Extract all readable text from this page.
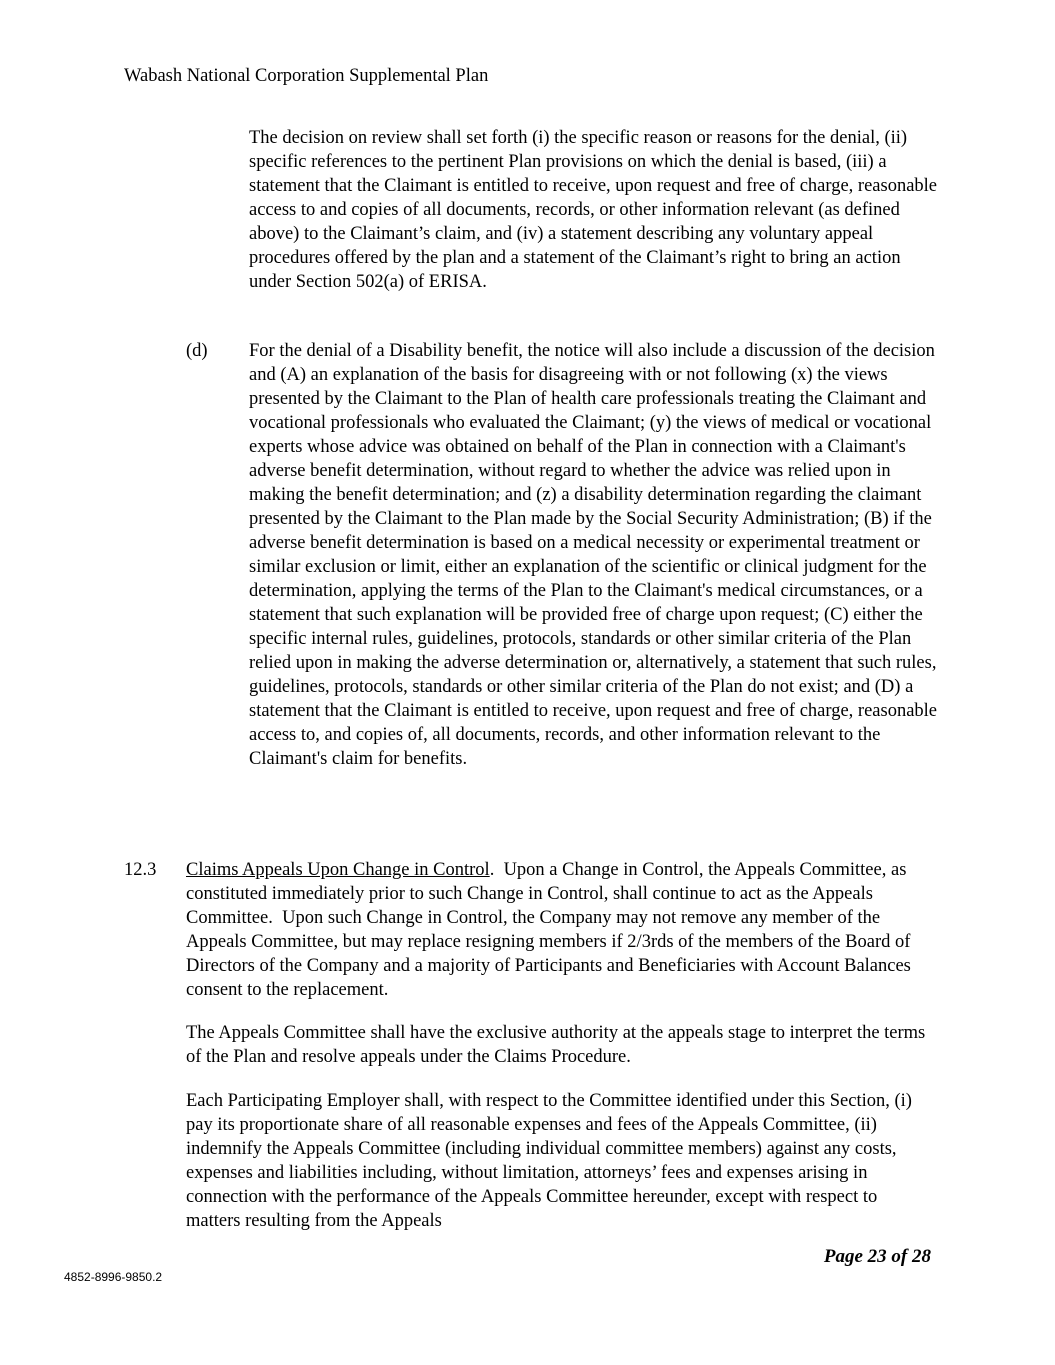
Wabash National Corporation Supplemental Plan

The decision on review shall set forth (i) the specific reason or reasons for the denial, (ii) specific references to the pertinent Plan provisions on which the denial is based, (iii) a statement that the Claimant is entitled to receive, upon request and free of charge, reasonable access to and copies of all documents, records, or other information relevant (as defined above) to the Claimant’s claim, and (iv) a statement describing any voluntary appeal procedures offered by the plan and a statement of the Claimant’s right to bring an action under Section 502(a) of ERISA.

(d) For the denial of a Disability benefit, the notice will also include a discussion of the decision and (A) an explanation of the basis for disagreeing with or not following (x) the views presented by the Claimant to the Plan of health care professionals treating the Claimant and vocational professionals who evaluated the Claimant; (y) the views of medical or vocational experts whose advice was obtained on behalf of the Plan in connection with a Claimant's adverse benefit determination, without regard to whether the advice was relied upon in making the benefit determination; and (z) a disability determination regarding the claimant presented by the Claimant to the Plan made by the Social Security Administration; (B) if the adverse benefit determination is based on a medical necessity or experimental treatment or similar exclusion or limit, either an explanation of the scientific or clinical judgment for the determination, applying the terms of the Plan to the Claimant's medical circumstances, or a statement that such explanation will be provided free of charge upon request; (C) either the specific internal rules, guidelines, protocols, standards or other similar criteria of the Plan relied upon in making the adverse determination or, alternatively, a statement that such rules, guidelines, protocols, standards or other similar criteria of the Plan do not exist; and (D) a statement that the Claimant is entitled to receive, upon request and free of charge, reasonable access to, and copies of, all documents, records, and other information relevant to the Claimant's claim for benefits.

12.3 Claims Appeals Upon Change in Control.  Upon a Change in Control, the Appeals Committee, as constituted immediately prior to such Change in Control, shall continue to act as the Appeals Committee.  Upon such Change in Control, the Company may not remove any member of the Appeals Committee, but may replace resigning members if 2/3rds of the members of the Board of Directors of the Company and a majority of Participants and Beneficiaries with Account Balances consent to the replacement.

The Appeals Committee shall have the exclusive authority at the appeals stage to interpret the terms of the Plan and resolve appeals under the Claims Procedure.

Each Participating Employer shall, with respect to the Committee identified under this Section, (i) pay its proportionate share of all reasonable expenses and fees of the Appeals Committee, (ii) indemnify the Appeals Committee (including individual committee members) against any costs, expenses and liabilities including, without limitation, attorneys’ fees and expenses arising in connection with the performance of the Appeals Committee hereunder, except with respect to matters resulting from the Appeals

Page 23 of 28
4852-8996-9850.2
